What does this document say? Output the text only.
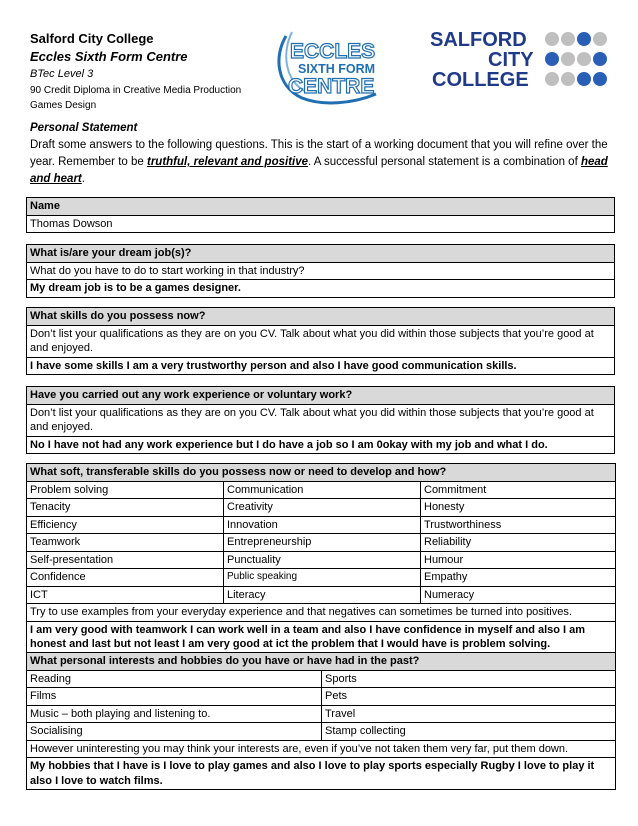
Salford City College
Eccles Sixth Form Centre
BTec Level 3
90 Credit Diploma in Creative Media Production
Games Design
ECCLES
SIXTH FORM
CENTRE
SALFORD
CITY
COLLEGE
Personal Statement
Draft some answers to the following questions. This is the start of a working document that you will refine over the year. Remember to be truthful, relevant and positive. A successful personal statement is a combination of head and heart.
Name
Thomas Dowson
What is/are your dream job(s)?
What do you have to do to start working in that industry?
My dream job is to be a games designer.
What skills do you possess now?
Don’t list your qualifications as they are on you CV. Talk about what you did within those subjects that you’re good at and enjoyed.
I have some skills I am a very trustworthy person and also I have good communication skills.
Have you carried out any work experience or voluntary work?
Don’t list your qualifications as they are on you CV. Talk about what you did within those subjects that you’re good at and enjoyed.
No I have not had any work experience but I do have a job so I am 0okay with my job and what I do.
What soft, transferable skills do you possess now or need to develop and how?		
Problem solving	Communication	Commitment
Tenacity	Creativity	Honesty
Efficiency	Innovation	Trustworthiness
Teamwork	Entrepreneurship	Reliability
Self-presentation	Punctuality	Humour
Confidence	Public speaking	Empathy
ICT	Literacy	Numeracy
Try to use examples from your everyday experience and that negatives can sometimes be turned into positives.		
I am very good with teamwork I can work well in a team and also I have confidence in myself and also I am honest and last but not least I am very good at ict the problem that I would have is problem solving.		
What personal interests and hobbies do you have or have had in the past?	
Reading	Sports
Films	Pets
Music – both playing and listening to.	Travel
Socialising	Stamp collecting
However uninteresting you may think your interests are, even if you’ve not taken them very far, put them down.	
My hobbies that I have is I love to play games and also I love to play sports especially Rugby I love to play it also I love to watch films.	
